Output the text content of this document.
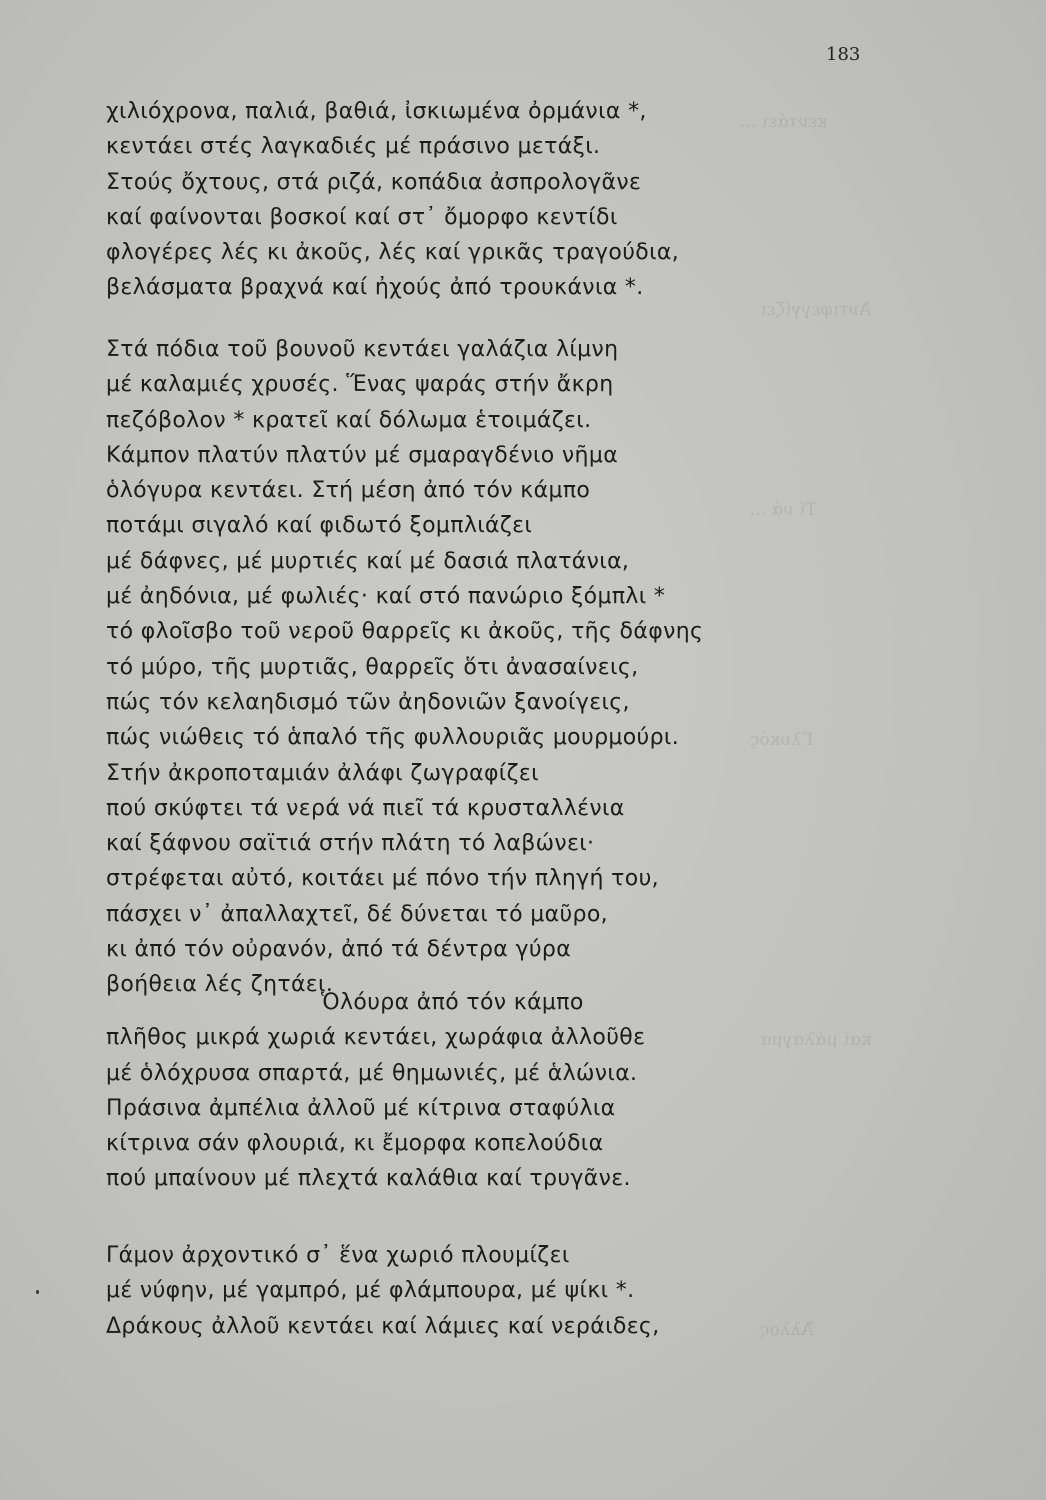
κεντάει ...
Ἀντιφεγγίζει
Τί νά ...
Γλυκός
καί μάλαγμα
Ἄλλος
183
χιλιόχρονα, παλιά, βαθιά, ἰσκιωμένα ὀρμάνια *,
κεντάει στές λαγκαδιές μέ πράσινο μετάξι.
Στούς ὄχτους, στά ριζά, κοπάδια ἀσπρολογᾶνε
καί φαίνονται βοσκοί καί στ᾽ ὄμορφο κεντίδι
φλογέρες λές κι ἀκοῦς, λές καί γρικᾶς τραγούδια,
βελάσματα βραχνά καί ἠχούς ἀπό τρουκάνια *.
Στά πόδια τοῦ βουνοῦ κεντάει γαλάζια λίμνη
μέ καλαμιές χρυσές. Ἕνας ψαράς στήν ἄκρη
πεζόβολον * κρατεῖ καί δόλωμα ἑτοιμάζει.
Κάμπον πλατύν πλατύν μέ σμαραγδένιο νῆμα
ὁλόγυρα κεντάει. Στή μέση ἀπό τόν κάμπο
ποτάμι σιγαλό καί φιδωτό ξομπλιάζει
μέ δάφνες, μέ μυρτιές καί μέ δασιά πλατάνια,
μέ ἀηδόνια, μέ φωλιές· καί στό πανώριο ξόμπλι *
τό φλοῖσβο τοῦ νεροῦ θαρρεῖς κι ἀκοῦς, τῆς δάφνης
τό μύρο, τῆς μυρτιᾶς, θαρρεῖς ὅτι ἀνασαίνεις,
πώς τόν κελαηδισμό τῶν ἀηδονιῶν ξανοίγεις,
πώς νιώθεις τό ἁπαλό τῆς φυλλουριᾶς μουρμούρι.
Στήν ἀκροποταμιάν ἀλάφι ζωγραφίζει
πού σκύφτει τά νερά νά πιεῖ τά κρυσταλλένια
καί ξάφνου σαϊτιά στήν πλάτη τό λαβώνει·
στρέφεται αὐτό, κοιτάει μέ πόνο τήν πληγή του,
πάσχει ν᾽ ἀπαλλαχτεῖ, δέ δύνεται τό μαῦρο,
κι ἀπό τόν οὐρανόν, ἀπό τά δέντρα γύρα
βοήθεια λές ζητάει.
Ὁλόυρα ἀπό τόν κάμπο
πλῆθος μικρά χωριά κεντάει, χωράφια ἀλλοῦθε
μέ ὁλόχρυσα σπαρτά, μέ θημωνιές, μέ ἁλώνια.
Πράσινα ἀμπέλια ἀλλοῦ μέ κίτρινα σταφύλια
κίτρινα σάν φλουριά, κι ἔμορφα κοπελούδια
πού μπαίνουν μέ πλεχτά καλάθια καί τρυγᾶνε.
Γάμον ἀρχοντικό σ᾽ ἕνα χωριό πλουμίζει
μέ νύφην, μέ γαμπρό, μέ φλάμπουρα, μέ ψίκι *.
Δράκους ἀλλοῦ κεντάει καί λάμιες καί νεράιδες,
